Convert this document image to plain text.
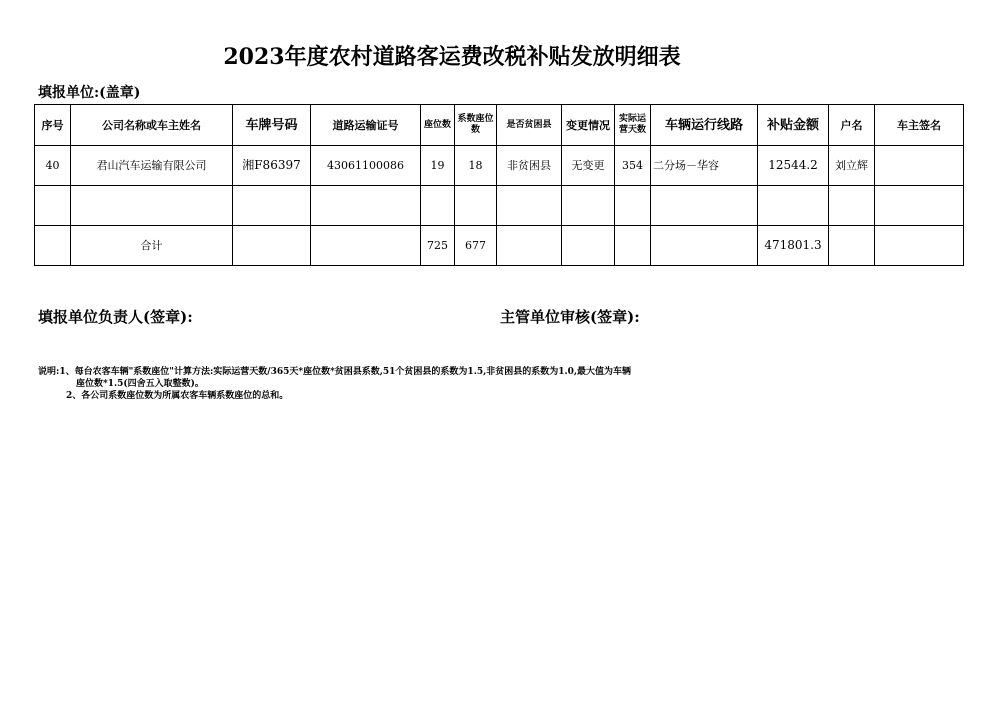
2023年度农村道路客运费改税补贴发放明细表
填报单位:(盖章)
序号	公司名称或车主姓名	车牌号码	道路运输证号	座位数	系数座位数	是否贫困县	变更情况	实际运营天数	车辆运行线路	补贴金额	户名	车主签名
40	君山汽车运输有限公司	湘F86397	43061100086	19	18	非贫困县	无变更	354	二分场－华容	12544.2	刘立辉	

	合计			725	677					471801.3		
填报单位负责人(签章):	主管单位审核(签章):
说明:1、每台农客车辆"系数座位"计算方法:实际运营天数/365天*座位数*贫困县系数,51个贫困县的系数为1.5,非贫困县的系数为1.0,最大值为车辆
座位数*1.5(四舍五入取整数)。
2、各公司系数座位数为所属农客车辆系数座位的总和。
